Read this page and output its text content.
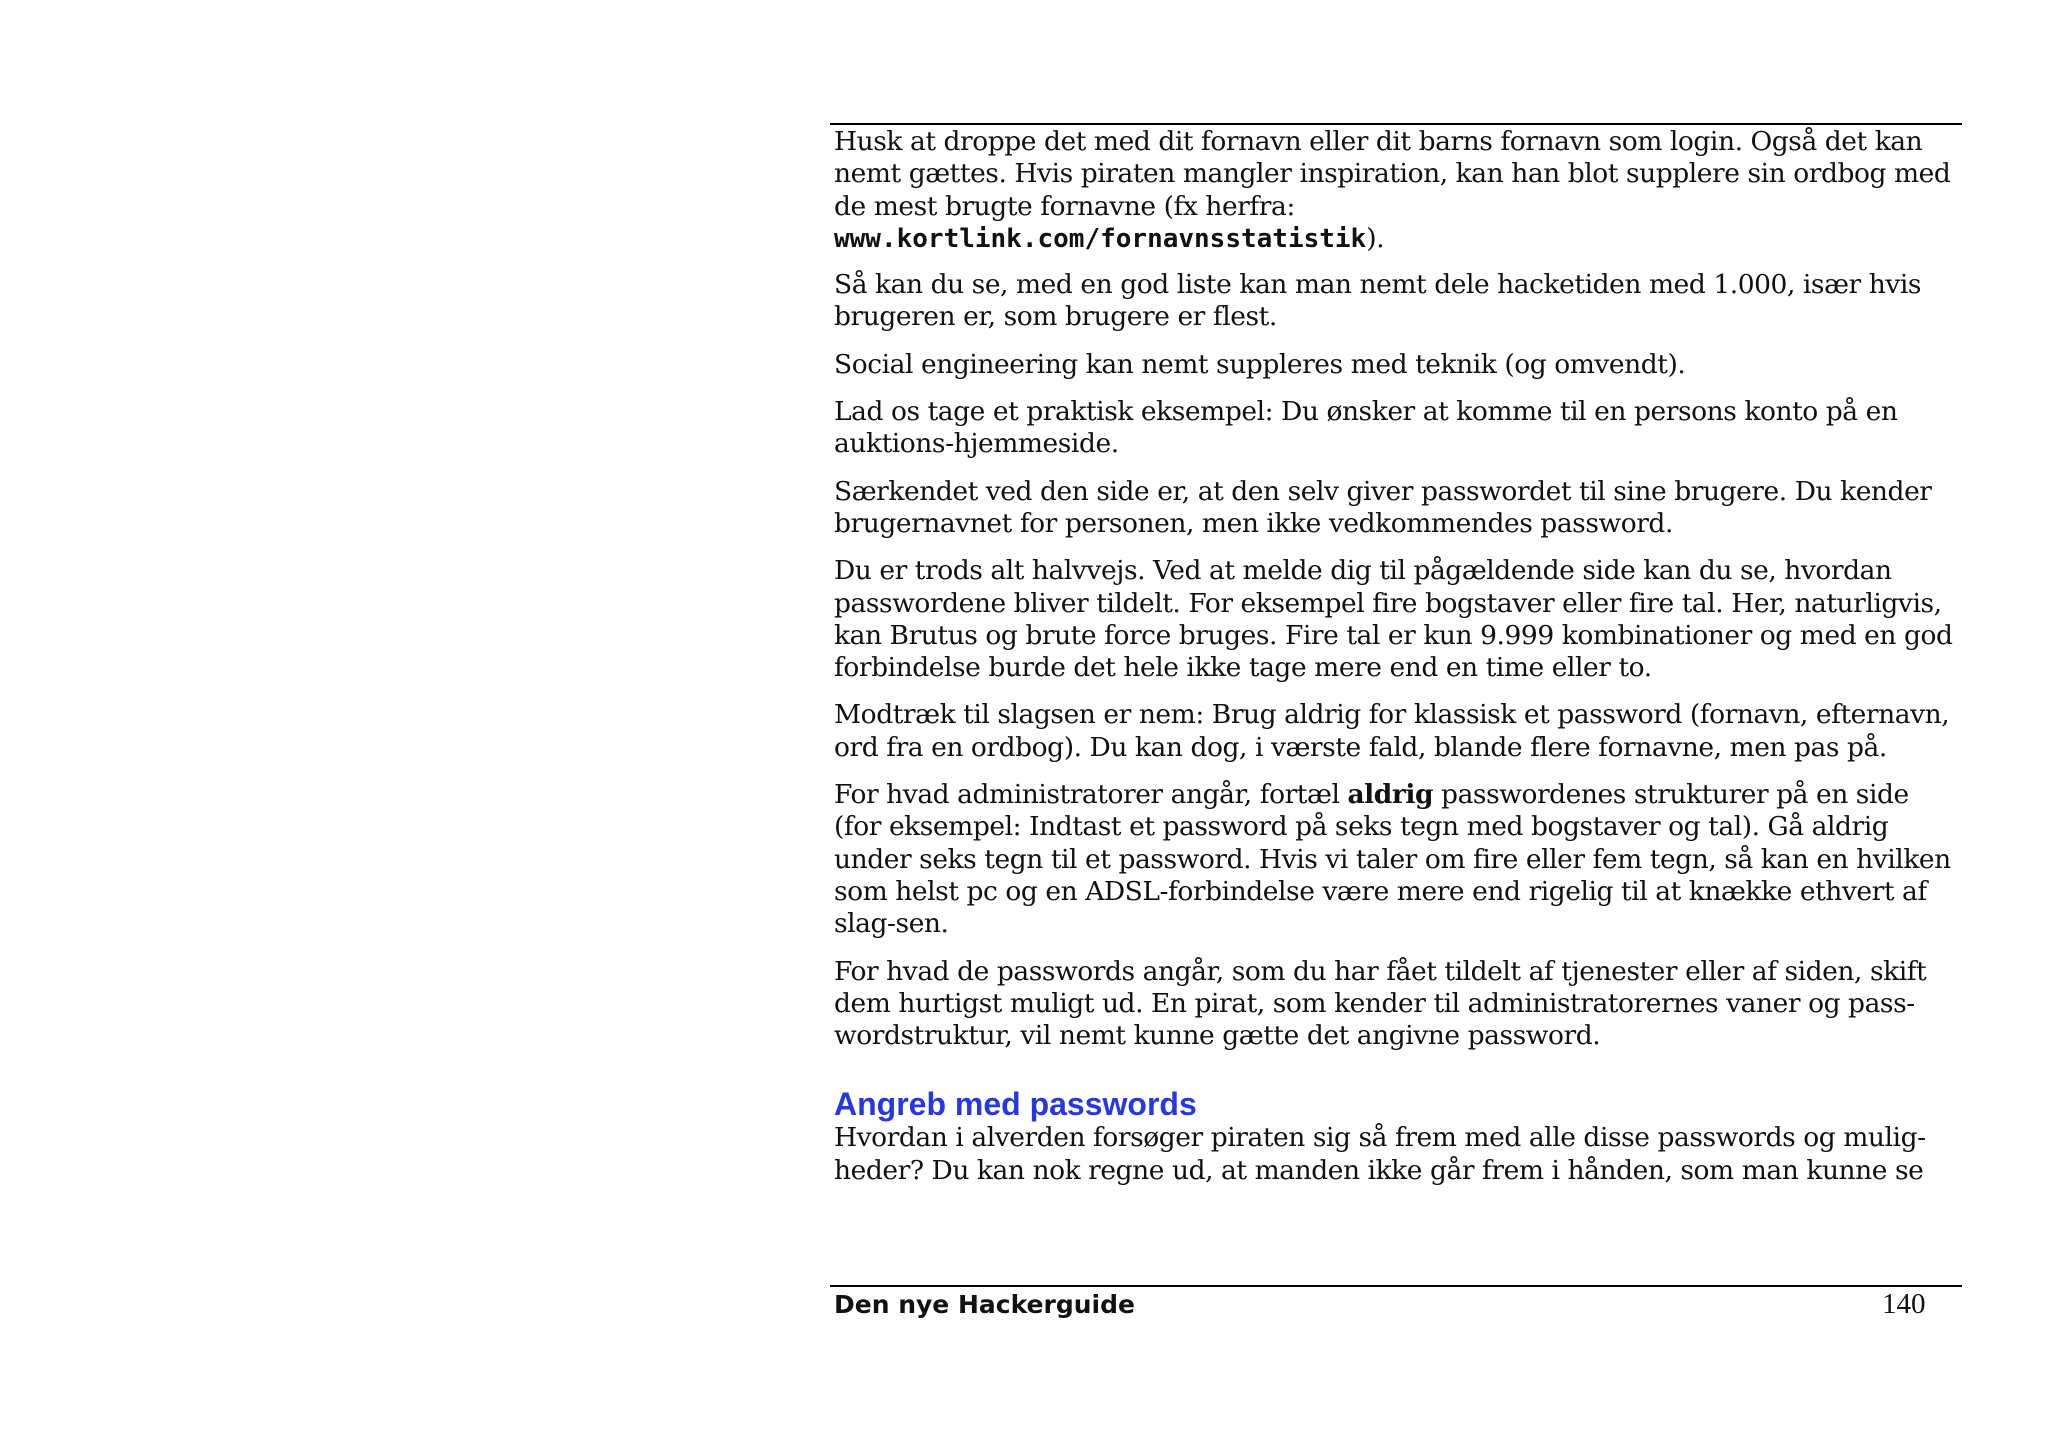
Husk at droppe det med dit fornavn eller dit barns fornavn som login. Også det kan nemt gættes. Hvis piraten mangler inspiration, kan han blot supplere sin ordbog med de mest brugte fornavne (fx herfra:
www.kortlink.com/fornavnsstatistik).

Så kan du se, med en god liste kan man nemt dele hacketiden med 1.000, især hvis brugeren er, som brugere er flest.

Social engineering kan nemt suppleres med teknik (og omvendt).

Lad os tage et praktisk eksempel: Du ønsker at komme til en persons konto på en auktions-hjemmeside.

Særkendet ved den side er, at den selv giver passwordet til sine brugere. Du kender brugernavnet for personen, men ikke vedkommendes password.

Du er trods alt halvvejs. Ved at melde dig til pågældende side kan du se, hvordan passwordene bliver tildelt. For eksempel fire bogstaver eller fire tal. Her, naturligvis, kan Brutus og brute force bruges. Fire tal er kun 9.999 kombinationer og med en god forbindelse burde det hele ikke tage mere end en time eller to.

Modtræk til slagsen er nem: Brug aldrig for klassisk et password (fornavn, efternavn, ord fra en ordbog). Du kan dog, i værste fald, blande flere fornavne, men pas på.

For hvad administratorer angår, fortæl aldrig passwordenes strukturer på en side (for eksempel: Indtast et password på seks tegn med bogstaver og tal). Gå aldrig under seks tegn til et password. Hvis vi taler om fire eller fem tegn, så kan en hvilken som helst pc og en ADSL-forbindelse være mere end rigelig til at knække ethvert af slag-sen.

For hvad de passwords angår, som du har fået tildelt af tjenester eller af siden, skift dem hurtigst muligt ud. En pirat, som kender til administratorernes vaner og pass-wordstruktur, vil nemt kunne gætte det angivne password.

Angreb med passwords

Hvordan i alverden forsøger piraten sig så frem med alle disse passwords og mulig-heder? Du kan nok regne ud, at manden ikke går frem i hånden, som man kunne se

Den nye Hackerguide	140
